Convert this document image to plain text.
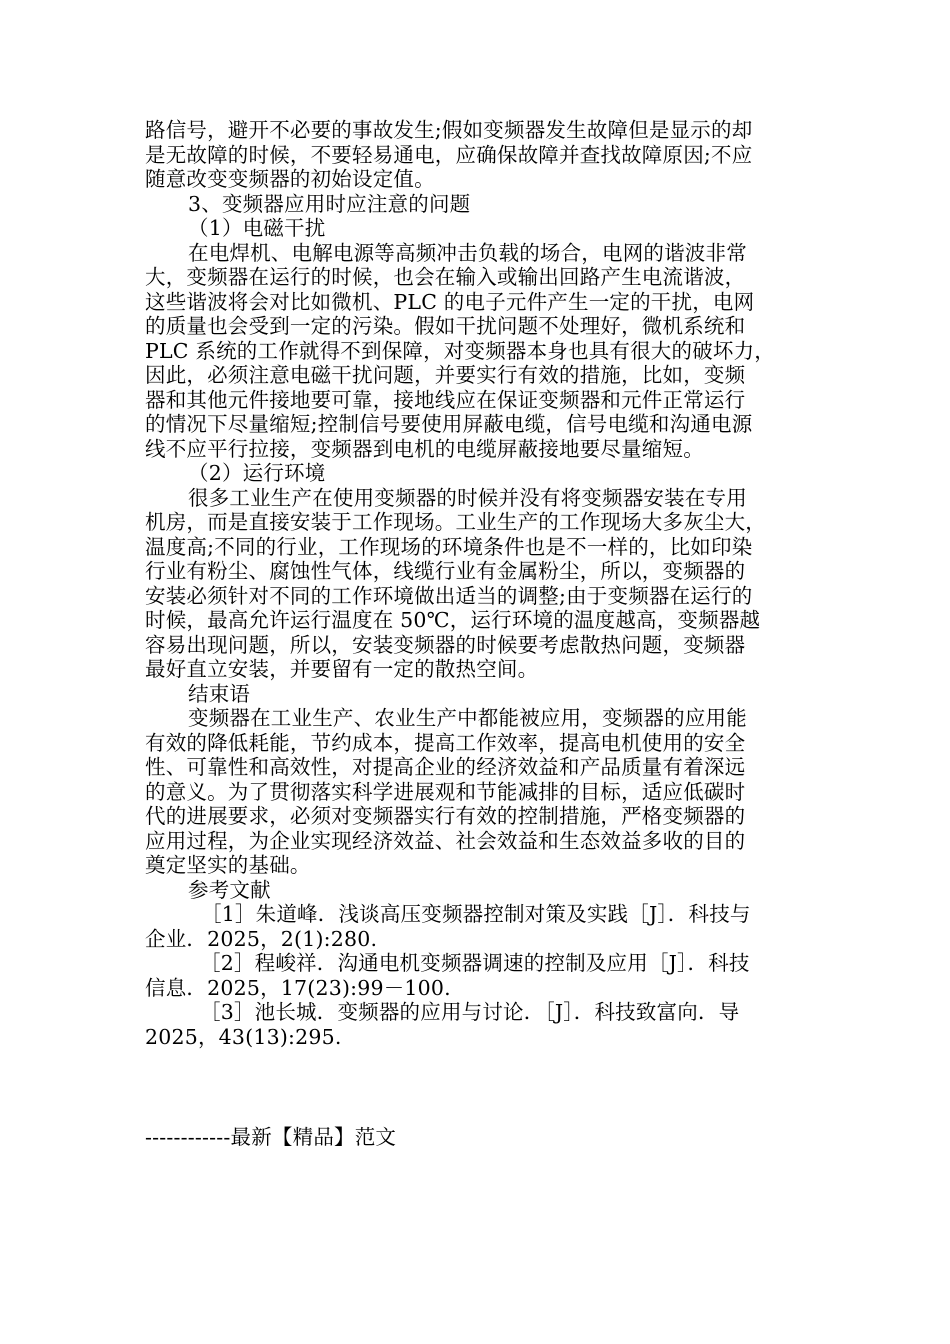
路信号，避开不必要的事故发生;假如变频器发生故障但是显示的却
是无故障的时候，不要轻易通电，应确保故障并查找故障原因;不应
随意改变变频器的初始设定值。
3、变频器应用时应注意的问题
（1）电磁干扰
在电焊机、电解电源等高频冲击负载的场合，电网的谐波非常
大，变频器在运行的时候，也会在输入或输出回路产生电流谐波，
这些谐波将会对比如微机、PLC 的电子元件产生一定的干扰，电网
的质量也会受到一定的污染。假如干扰问题不处理好，微机系统和
PLC 系统的工作就得不到保障，对变频器本身也具有很大的破坏力，
因此，必须注意电磁干扰问题，并要实行有效的措施，比如，变频
器和其他元件接地要可靠，接地线应在保证变频器和元件正常运行
的情况下尽量缩短;控制信号要使用屏蔽电缆，信号电缆和沟通电源
线不应平行拉接，变频器到电机的电缆屏蔽接地要尽量缩短。
（2）运行环境
很多工业生产在使用变频器的时候并没有将变频器安装在专用
机房，而是直接安装于工作现场。工业生产的工作现场大多灰尘大，
温度高;不同的行业，工作现场的环境条件也是不一样的，比如印染
行业有粉尘、腐蚀性气体，线缆行业有金属粉尘，所以，变频器的
安装必须针对不同的工作环境做出适当的调整;由于变频器在运行的
时候，最高允许运行温度在 50℃，运行环境的温度越高，变频器越
容易出现问题，所以，安装变频器的时候要考虑散热问题，变频器
最好直立安装，并要留有一定的散热空间。
结束语
变频器在工业生产、农业生产中都能被应用，变频器的应用能
有效的降低耗能，节约成本，提高工作效率，提高电机使用的安全
性、可靠性和高效性，对提高企业的经济效益和产品质量有着深远
的意义。为了贯彻落实科学进展观和节能减排的目标，适应低碳时
代的进展要求，必须对变频器实行有效的控制措施，严格变频器的
应用过程，为企业实现经济效益、社会效益和生态效益多收的目的
奠定坚实的基础。
参考文献
［1］朱道峰．浅谈高压变频器控制对策及实践［J］．科技与
企业．2025，2(1):280.
［2］程峻祥．沟通电机变频器调速的控制及应用［J］．科技
信息．2025，17(23):99－100.
［3］池长城．变频器的应用与讨论．［J］．科技致富向．导
2025，43(13):295.
------------最新【精品】范文
